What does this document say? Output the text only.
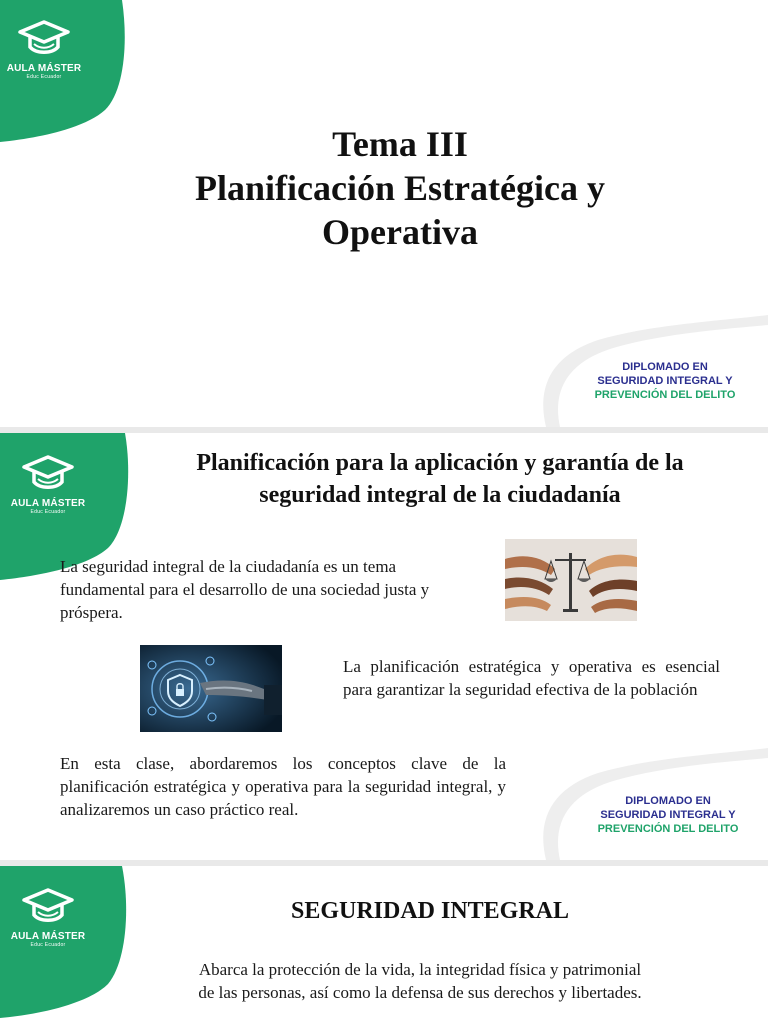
AULA MÁSTER
Educ Ecuador
Tema III
Planificación Estratégica y
Operativa
DIPLOMADO EN
SEGURIDAD INTEGRAL Y
PREVENCIÓN DEL DELITO
AULA MÁSTER
Educ Ecuador
Planificación para la aplicación y garantía de la
seguridad integral de la ciudadanía

La seguridad integral de la ciudadanía es un tema fundamental para el desarrollo de una sociedad justa y próspera.

La planificación estratégica y operativa es esencial para garantizar la seguridad efectiva de la población

En esta clase, abordaremos los conceptos clave de la planificación estratégica y operativa para la seguridad integral, y analizaremos un caso práctico real.	DIPLOMADO EN
SEGURIDAD INTEGRAL Y
PREVENCIÓN DEL DELITO
AULA MÁSTER
Educ Ecuador
SEGURIDAD INTEGRAL

Abarca la protección de la vida, la integridad física y patrimonial
de las personas, así como la defensa de sus derechos y libertades.
